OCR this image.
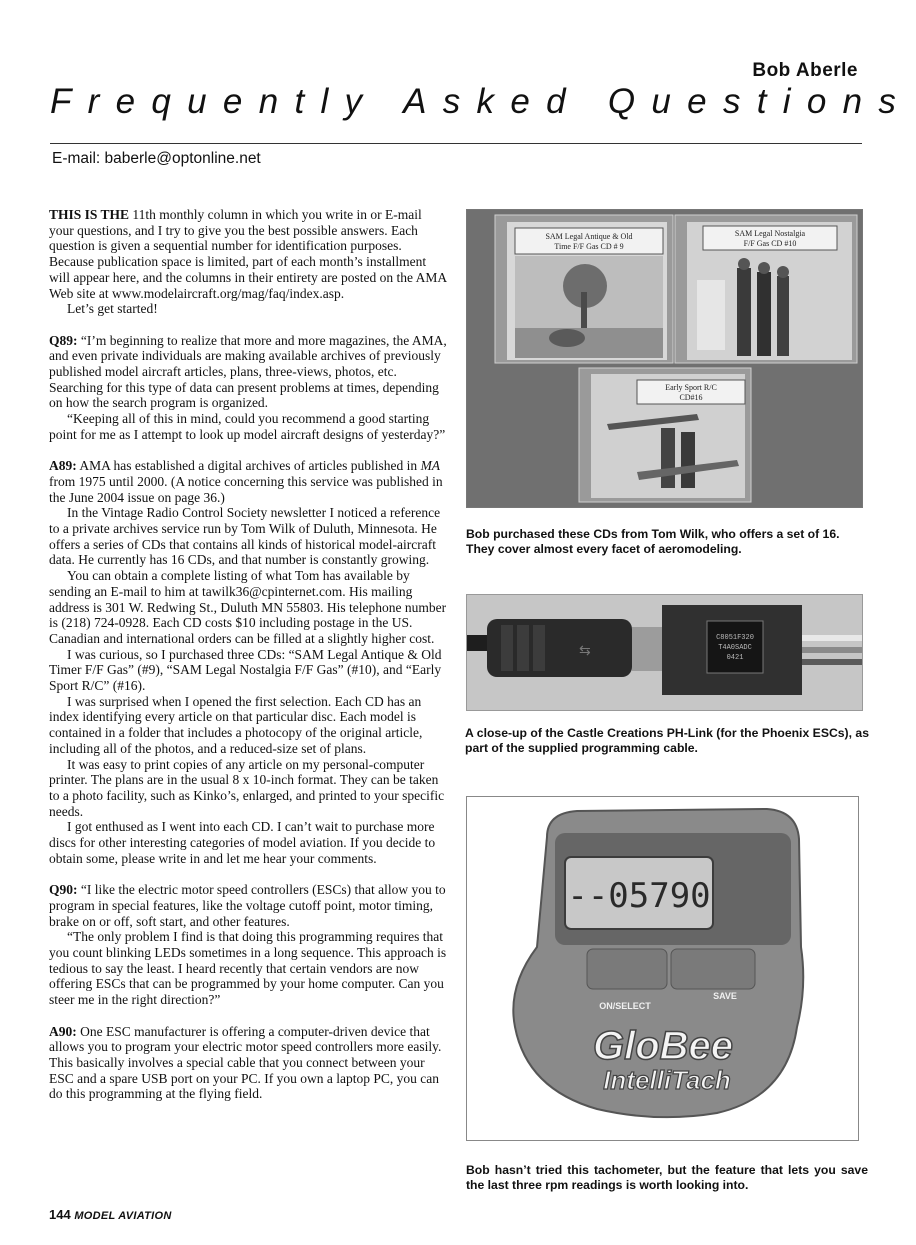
Bob Aberle
Frequently Asked Questions
E-mail: baberle@optonline.net

THIS IS THE 11th monthly column in which you write in or E-mail your questions, and I try to give you the best possible answers. Each question is given a sequential number for identification purposes. Because publication space is limited, part of each month’s installment will appear here, and the columns in their entirety are posted on the AMA Web site at www.modelaircraft.org/mag/faq/index.asp.

Let’s get started!

Q89: “I’m beginning to realize that more and more magazines, the AMA, and even private individuals are making available archives of previously published model aircraft articles, plans, three-views, photos, etc. Searching for this type of data can present problems at times, depending on how the search program is organized.

“Keeping all of this in mind, could you recommend a good starting point for me as I attempt to look up model aircraft designs of yesterday?”

A89: AMA has established a digital archives of articles published in MA from 1975 until 2000. (A notice concerning this service was published in the June 2004 issue on page 36.)

In the Vintage Radio Control Society newsletter I noticed a reference to a private archives service run by Tom Wilk of Duluth, Minnesota. He offers a series of CDs that contains all kinds of historical model-aircraft data. He currently has 16 CDs, and that number is constantly growing.

You can obtain a complete listing of what Tom has available by sending an E-mail to him at tawilk36@cpinternet.com. His mailing address is 301 W. Redwing St., Duluth MN 55803. His telephone number is (218) 724-0928. Each CD costs $10 including postage in the US. Canadian and international orders can be filled at a slightly higher cost.

I was curious, so I purchased three CDs: “SAM Legal Antique & Old Timer F/F Gas” (#9), “SAM Legal Nostalgia F/F Gas” (#10), and “Early Sport R/C” (#16).

I was surprised when I opened the first selection. Each CD has an index identifying every article on that particular disc. Each model is contained in a folder that includes a photocopy of the original article, including all of the photos, and a reduced-size set of plans.

It was easy to print copies of any article on my personal-computer printer. The plans are in the usual 8 x 10-inch format. They can be taken to a photo facility, such as Kinko’s, enlarged, and printed to your specific needs.

I got enthused as I went into each CD. I can’t wait to purchase more discs for other interesting categories of model aviation. If you decide to obtain some, please write in and let me hear your comments.

Q90: “I like the electric motor speed controllers (ESCs) that allow you to program in special features, like the voltage cutoff point, motor timing, brake on or off, soft start, and other features.

“The only problem I find is that doing this programming requires that you count blinking LEDs sometimes in a long sequence. This approach is tedious to say the least. I heard recently that certain vendors are now offering ESCs that can be programmed by your home computer. Can you steer me in the right direction?”

A90: One ESC manufacturer is offering a computer-driven device that allows you to program your electric motor speed controllers more easily. This basically involves a special cable that you connect between your ESC and a spare USB port on your PC. If you own a laptop PC, you can do this programming at the flying field.

SAM Legal Antique & Old
Time F/F Gas CD # 9
SAM Legal Nostalgia
F/F Gas CD #10
Early Sport R/C
CD#16
Bob purchased these CDs from Tom Wilk, who offers a set of 16. They cover almost every facet of aeromodeling.
⇆
C8051F320
T4A0SADC
0421
A close-up of the Castle Creations PH-Link (for the Phoenix ESCs), as part of the supplied programming cable.
--05790
ON/SELECT
SAVE
GloBee
IntelliTach
Bob hasn’t tried this tachometer, but the feature that lets you save the last three rpm readings is worth looking into.
144 MODEL AVIATION
